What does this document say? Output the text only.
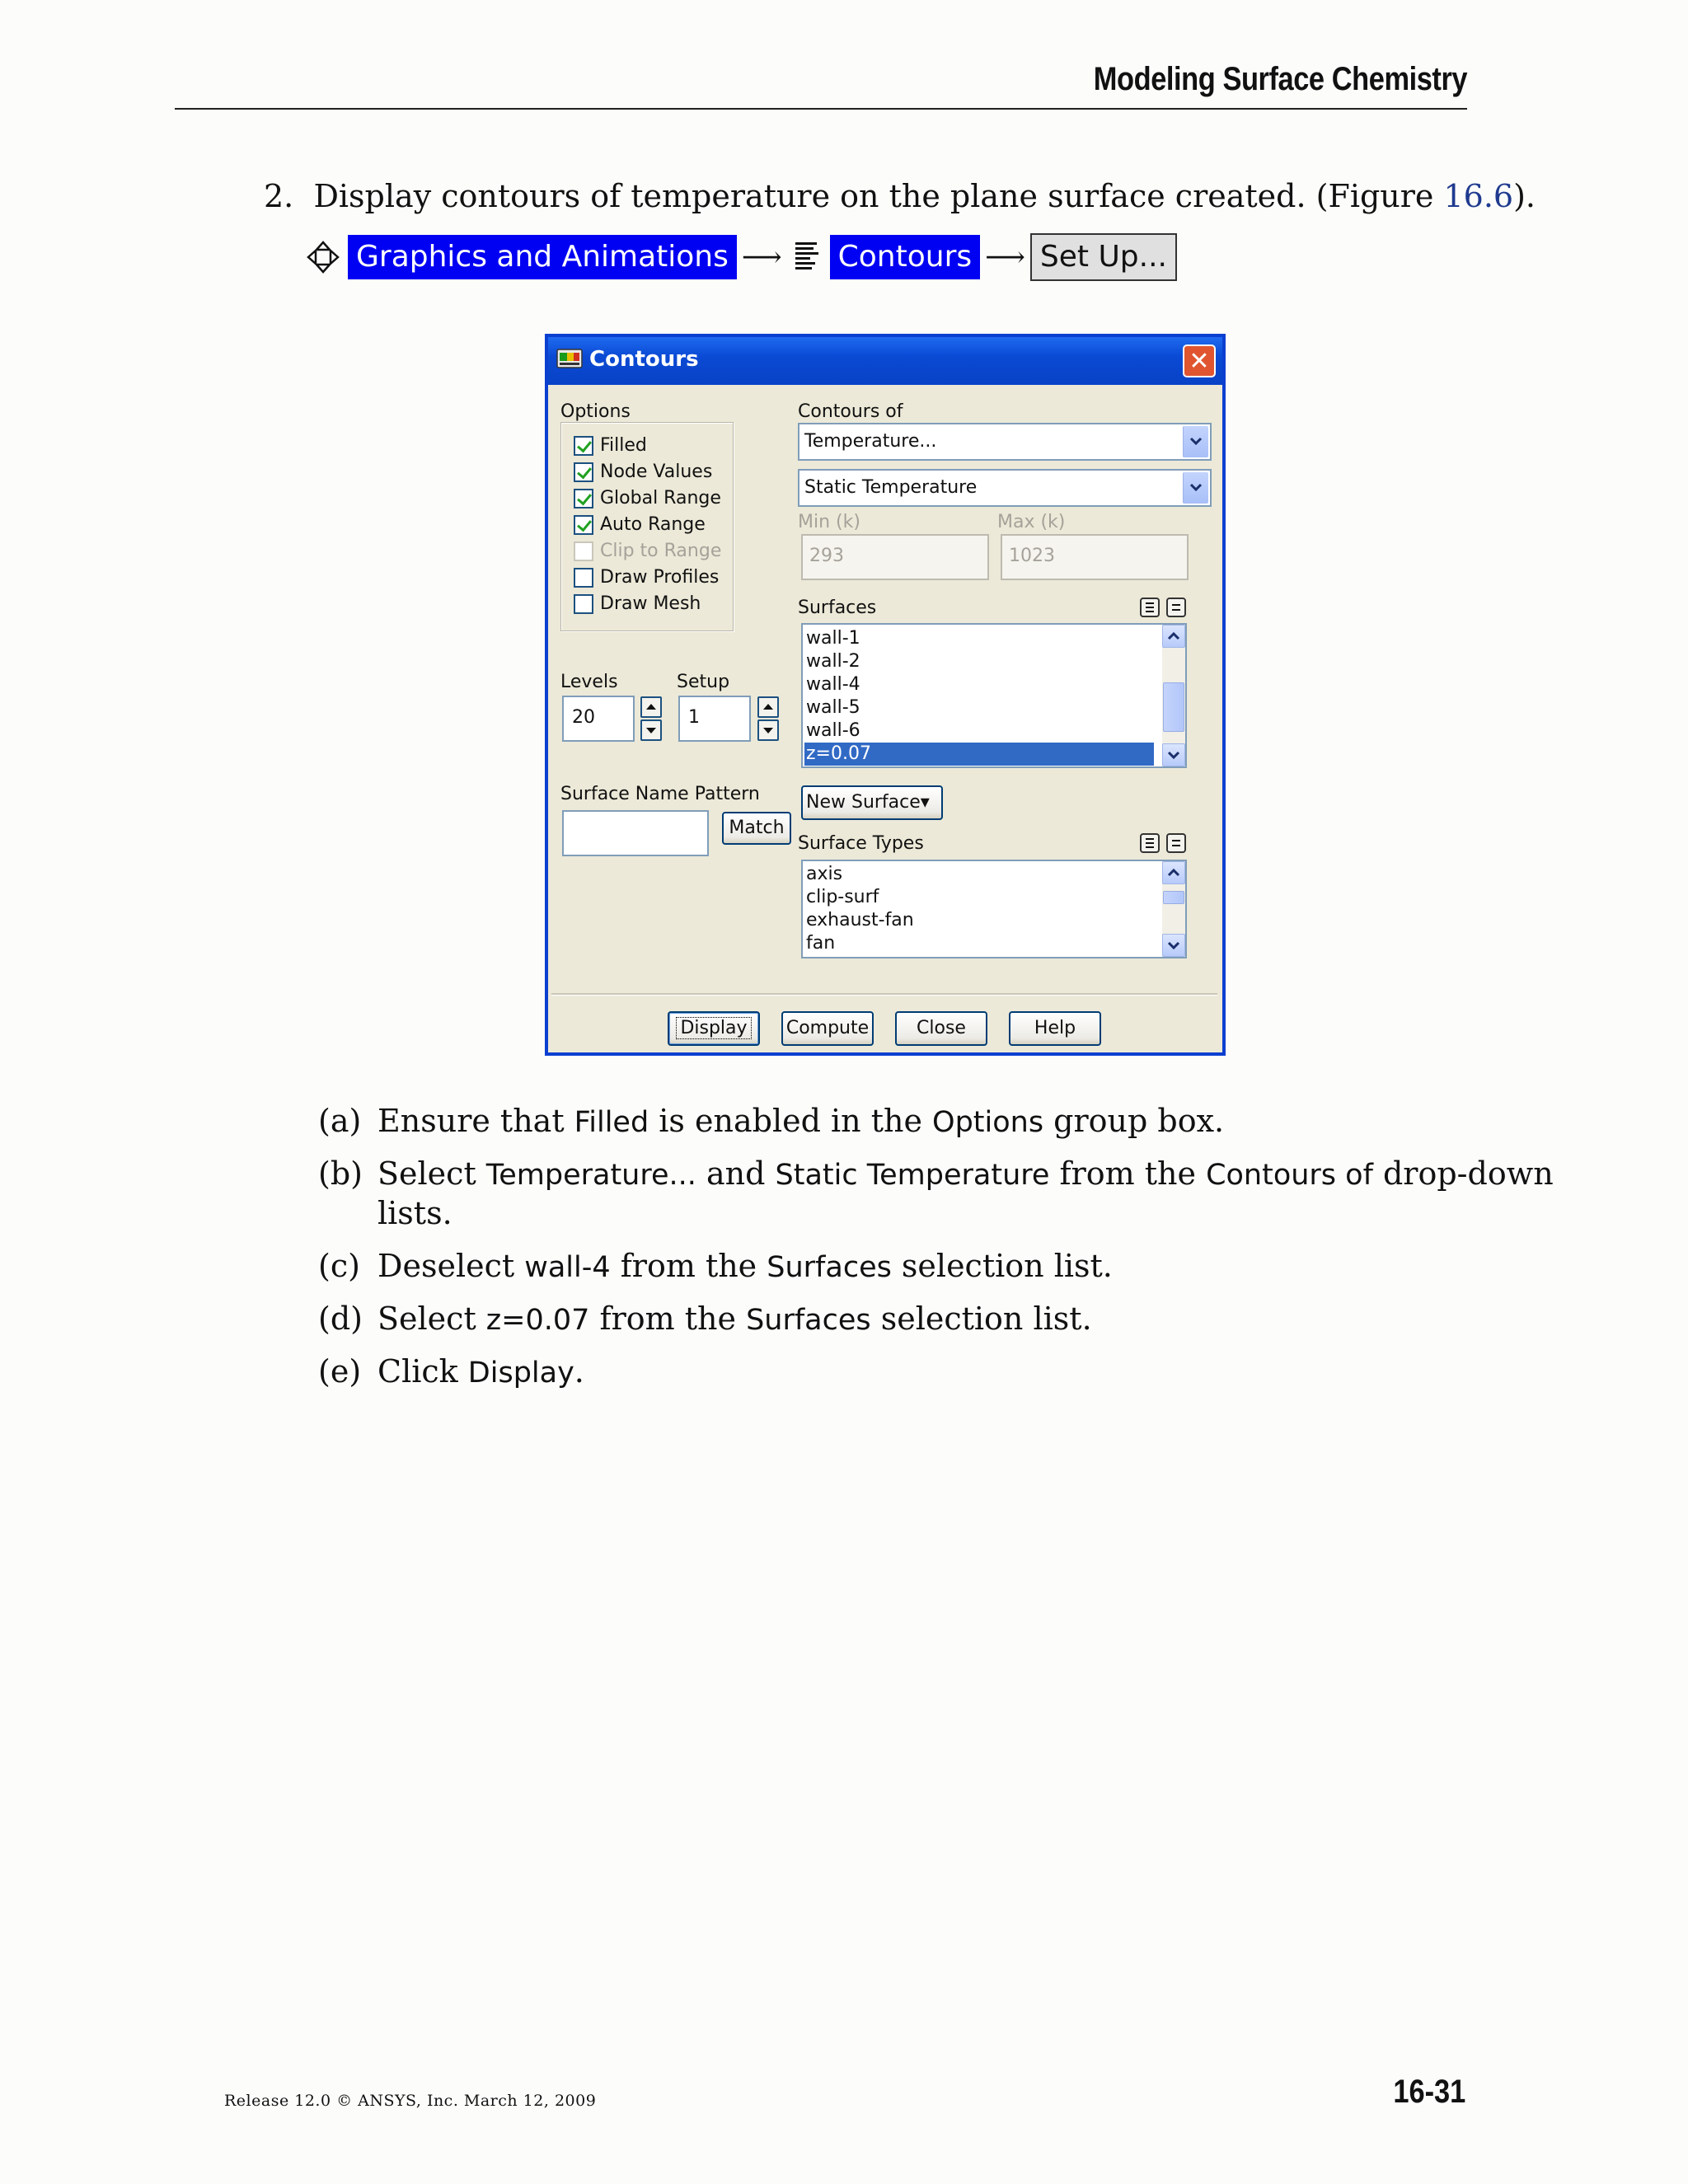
Modeling Surface Chemistry
2. Display contours of temperature on the plane surface created. (Figure 16.6).
Graphics and Animations ⟶ Contours ⟶ Set Up...
Contours	✕
Options
Filled
Node Values
Global Range
Auto Range
Clip to Range
Draw Profiles
Draw Mesh
Levels
20
Setup
1
Surface Name Pattern
Match
Contours of
Temperature...
Static Temperature
Min (k)
293
Max (k)
1023
Surfaces
wall-1
wall-2
wall-4
wall-5
wall-6
z=0.07
New Surface▾
Surface Types
axis
clip-surf
exhaust-fan
fan
Display	Compute	Close	Help
(a) Ensure that Filled is enabled in the Options group box.
(b) Select Temperature... and Static Temperature from the Contours of drop-down
lists.
(c) Deselect wall-4 from the Surfaces selection list.
(d) Select z=0.07 from the Surfaces selection list.
(e) Click Display.
Release 12.0 © ANSYS, Inc. March 12, 2009	16-31
